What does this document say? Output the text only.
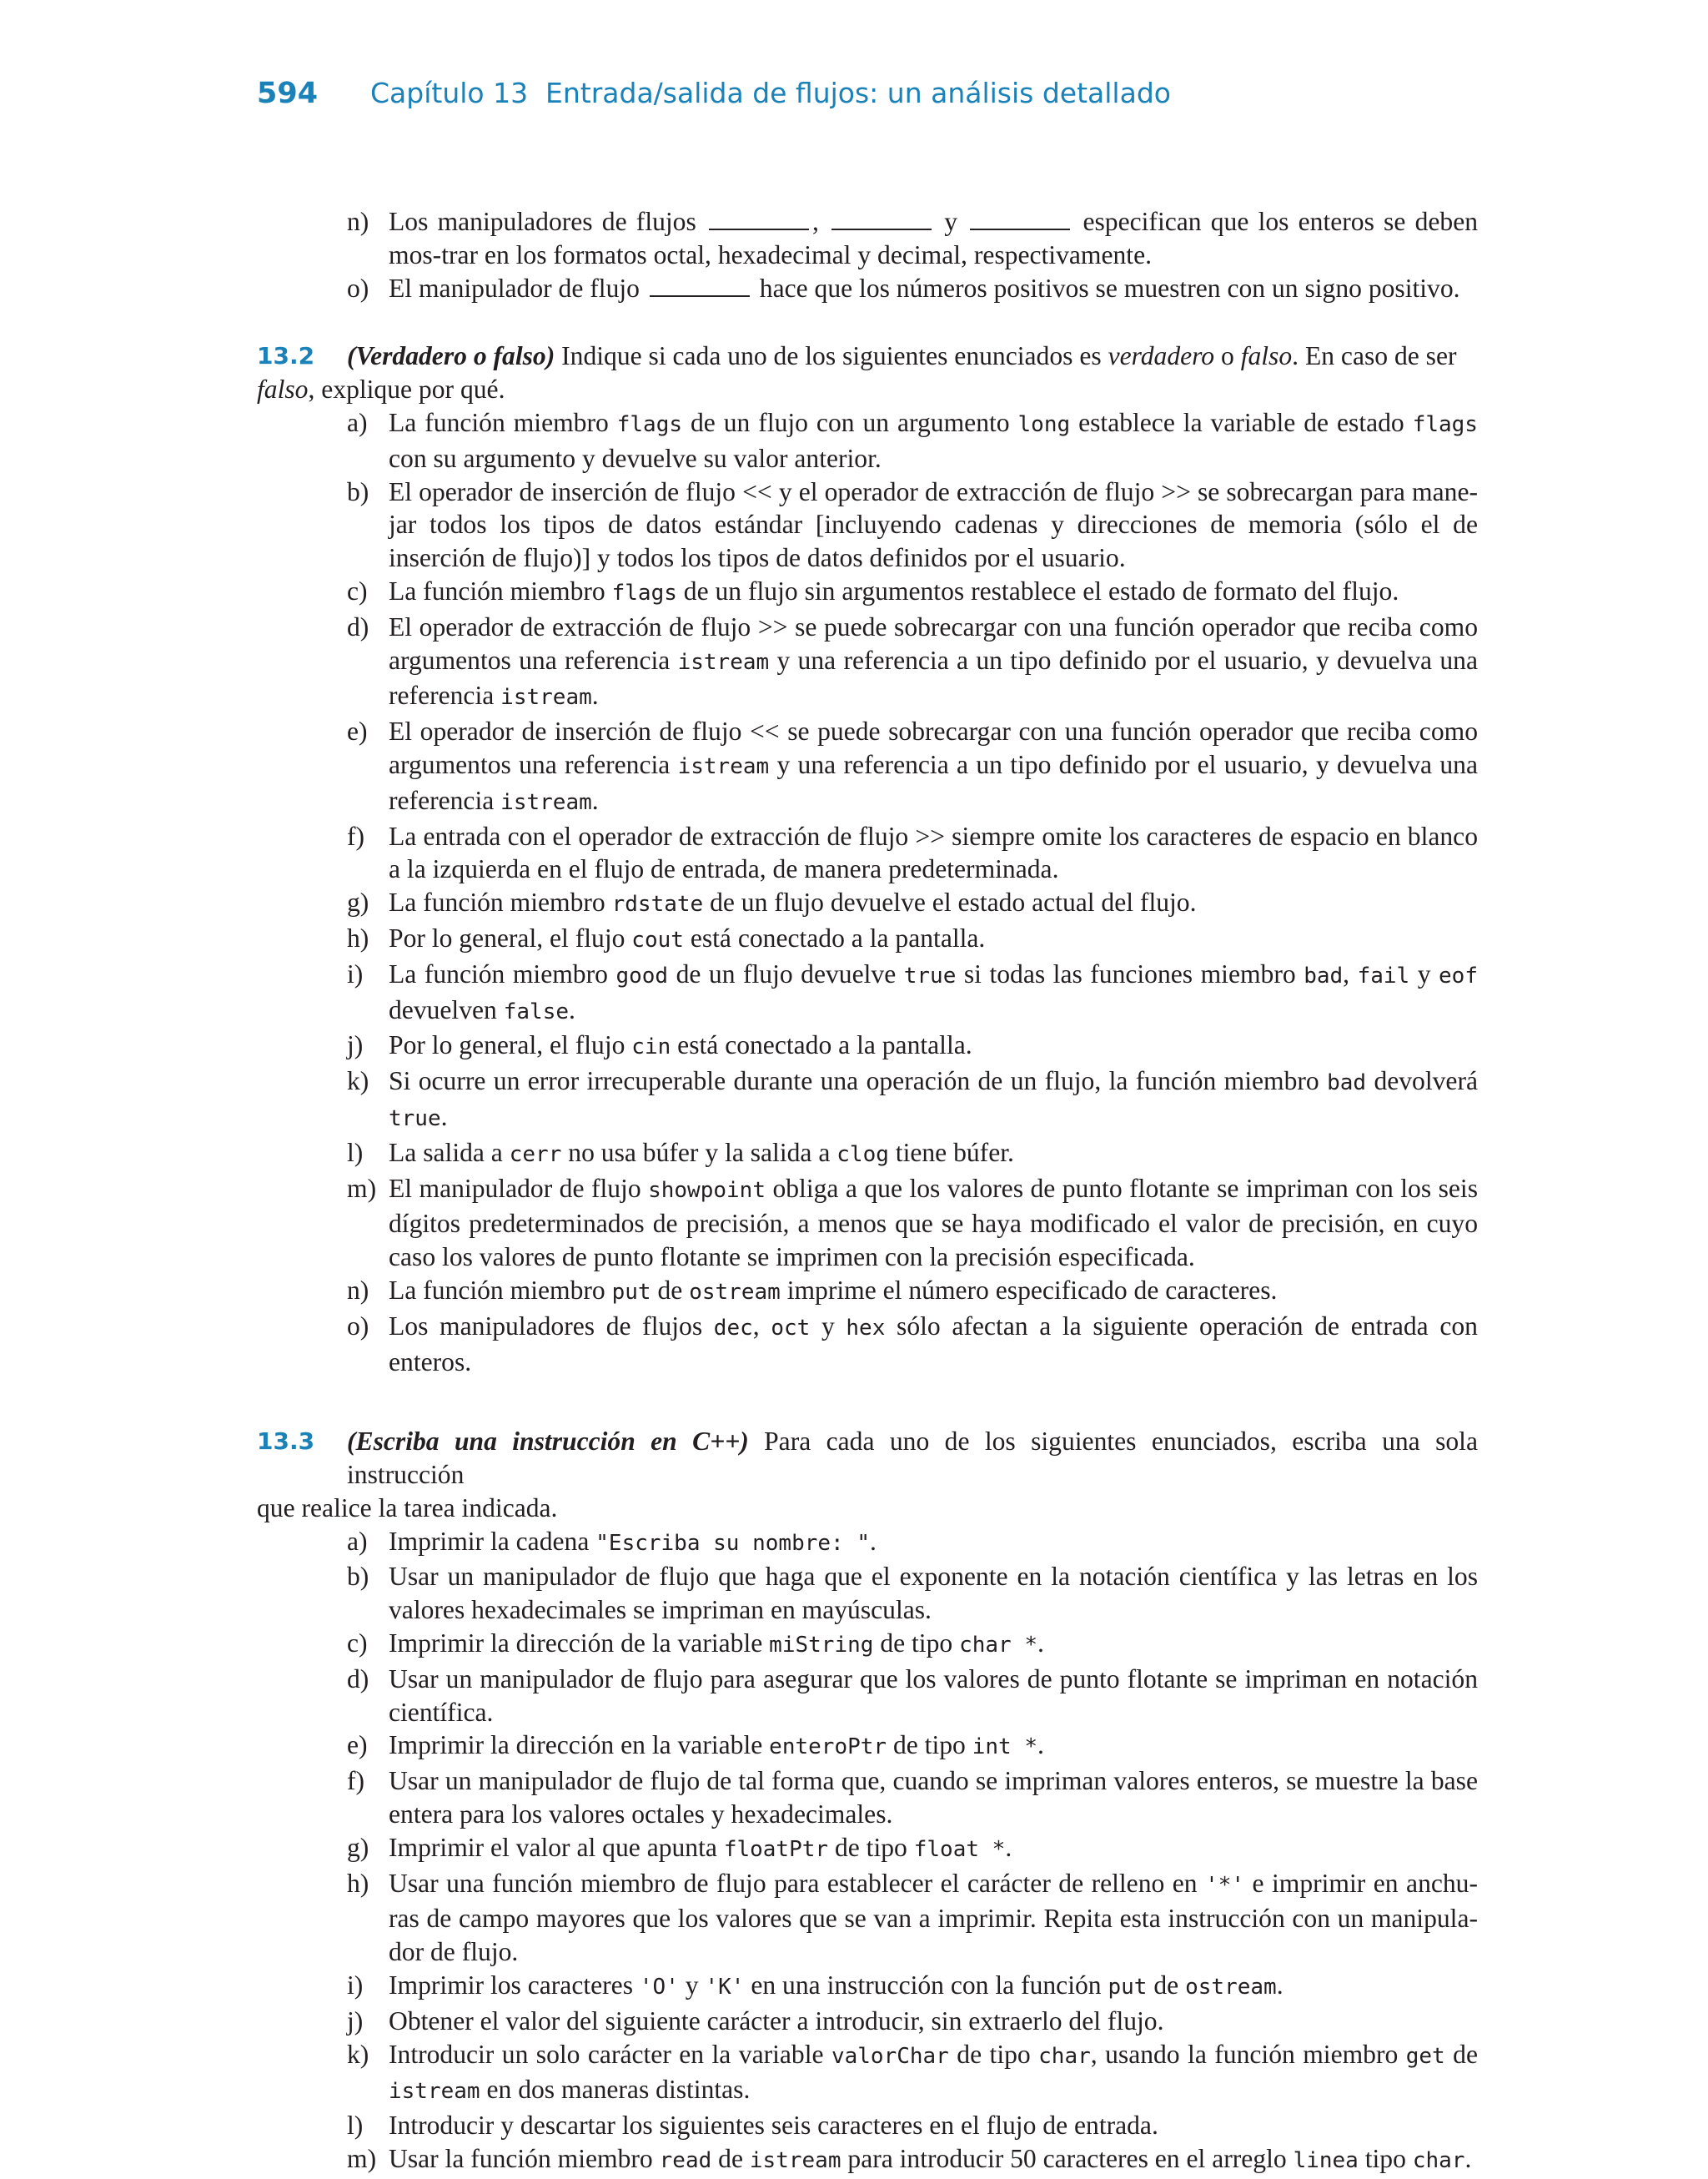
594 Capítulo 13 Entrada/salida de flujos: un análisis detallado
n) Los manipuladores de flujos	,	y	especifican que los enteros se deben mos-trar en los formatos octal, hexadecimal y decimal, respectivamente.
o) El manipulador de flujo	hace que los números positivos se muestren con un signo positivo.
13.2 (Verdadero o falso) Indique si cada uno de los siguientes enunciados es verdadero o falso. En caso de ser
falso, explique por qué.
a) La función miembro flags de un flujo con un argumento long establece la variable de estado flags con su argumento y devuelve su valor anterior.
b) El operador de inserción de flujo << y el operador de extracción de flujo >> se sobrecargan para mane-jar todos los tipos de datos estándar [incluyendo cadenas y direcciones de memoria (sólo el de inserción de flujo)] y todos los tipos de datos definidos por el usuario.
c) La función miembro flags de un flujo sin argumentos restablece el estado de formato del flujo.
d) El operador de extracción de flujo >> se puede sobrecargar con una función operador que reciba como argumentos una referencia istream y una referencia a un tipo definido por el usuario, y devuelva una referencia istream.
e) El operador de inserción de flujo << se puede sobrecargar con una función operador que reciba como argumentos una referencia istream y una referencia a un tipo definido por el usuario, y devuelva una referencia istream.
f) La entrada con el operador de extracción de flujo >> siempre omite los caracteres de espacio en blanco a la izquierda en el flujo de entrada, de manera predeterminada.
g) La función miembro rdstate de un flujo devuelve el estado actual del flujo.
h) Por lo general, el flujo cout está conectado a la pantalla.
i) La función miembro good de un flujo devuelve true si todas las funciones miembro bad, fail y eof devuelven false.
j) Por lo general, el flujo cin está conectado a la pantalla.
k) Si ocurre un error irrecuperable durante una operación de un flujo, la función miembro bad devolverá true.
l) La salida a cerr no usa búfer y la salida a clog tiene búfer.
m) El manipulador de flujo showpoint obliga a que los valores de punto flotante se impriman con los seis dígitos predeterminados de precisión, a menos que se haya modificado el valor de precisión, en cuyo caso los valores de punto flotante se imprimen con la precisión especificada.
n) La función miembro put de ostream imprime el número especificado de caracteres.
o) Los manipuladores de flujos dec, oct y hex sólo afectan a la siguiente operación de entrada con enteros.
13.3 (Escriba una instrucción en C++) Para cada uno de los siguientes enunciados, escriba una sola instrucción
que realice la tarea indicada.
a) Imprimir la cadena "Escriba su nombre: ".
b) Usar un manipulador de flujo que haga que el exponente en la notación científica y las letras en los valores hexadecimales se impriman en mayúsculas.
c) Imprimir la dirección de la variable miString de tipo char *.
d) Usar un manipulador de flujo para asegurar que los valores de punto flotante se impriman en notación científica.
e) Imprimir la dirección en la variable enteroPtr de tipo int *.
f) Usar un manipulador de flujo de tal forma que, cuando se impriman valores enteros, se muestre la base entera para los valores octales y hexadecimales.
g) Imprimir el valor al que apunta floatPtr de tipo float *.
h) Usar una función miembro de flujo para establecer el carácter de relleno en '*' e imprimir en anchu-ras de campo mayores que los valores que se van a imprimir. Repita esta instrucción con un manipula-dor de flujo.
i) Imprimir los caracteres 'O' y 'K' en una instrucción con la función put de ostream.
j) Obtener el valor del siguiente carácter a introducir, sin extraerlo del flujo.
k) Introducir un solo carácter en la variable valorChar de tipo char, usando la función miembro get de istream en dos maneras distintas.
l) Introducir y descartar los siguientes seis caracteres en el flujo de entrada.
m) Usar la función miembro read de istream para introducir 50 caracteres en el arreglo linea tipo char.
